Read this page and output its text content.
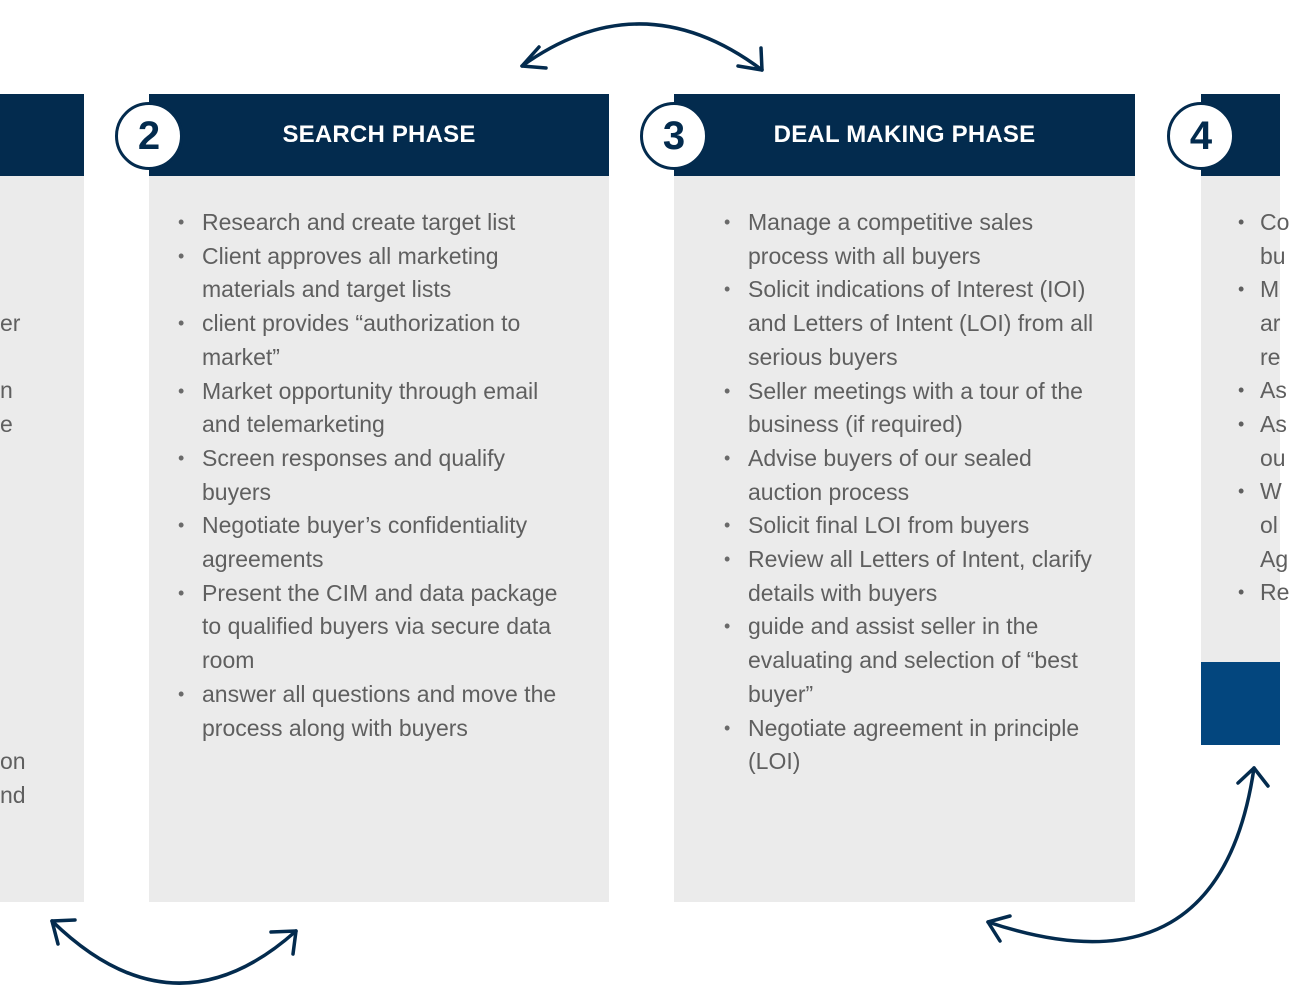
er
n
e
on
nd
SEARCH PHASE
2
• Research and create target list
• Client approves all marketing materials and target lists
• client provides “authorization to market”
• Market opportunity through email and telemarketing
• Screen responses and qualify buyers
• Negotiate buyer’s confidentiality agreements
• Present the CIM and data package to qualified buyers via secure data room
• answer all questions and move the process along with buyers
DEAL MAKING PHASE
3
• Manage a competitive sales process with all buyers
• Solicit indications of Interest (IOI) and Letters of Intent (LOI) from all serious buyers
• Seller meetings with a tour of the business (if required)
• Advise buyers of our sealed auction process
• Solicit final LOI from buyers
• Review all Letters of Intent, clarify details with buyers
• guide and assist seller in the evaluating and selection of “best buyer”
• Negotiate agreement in principle (LOI)
4
• Co
bu
• M
ar
re
• As
• As
ou
• W
ol
Ag
• Re
